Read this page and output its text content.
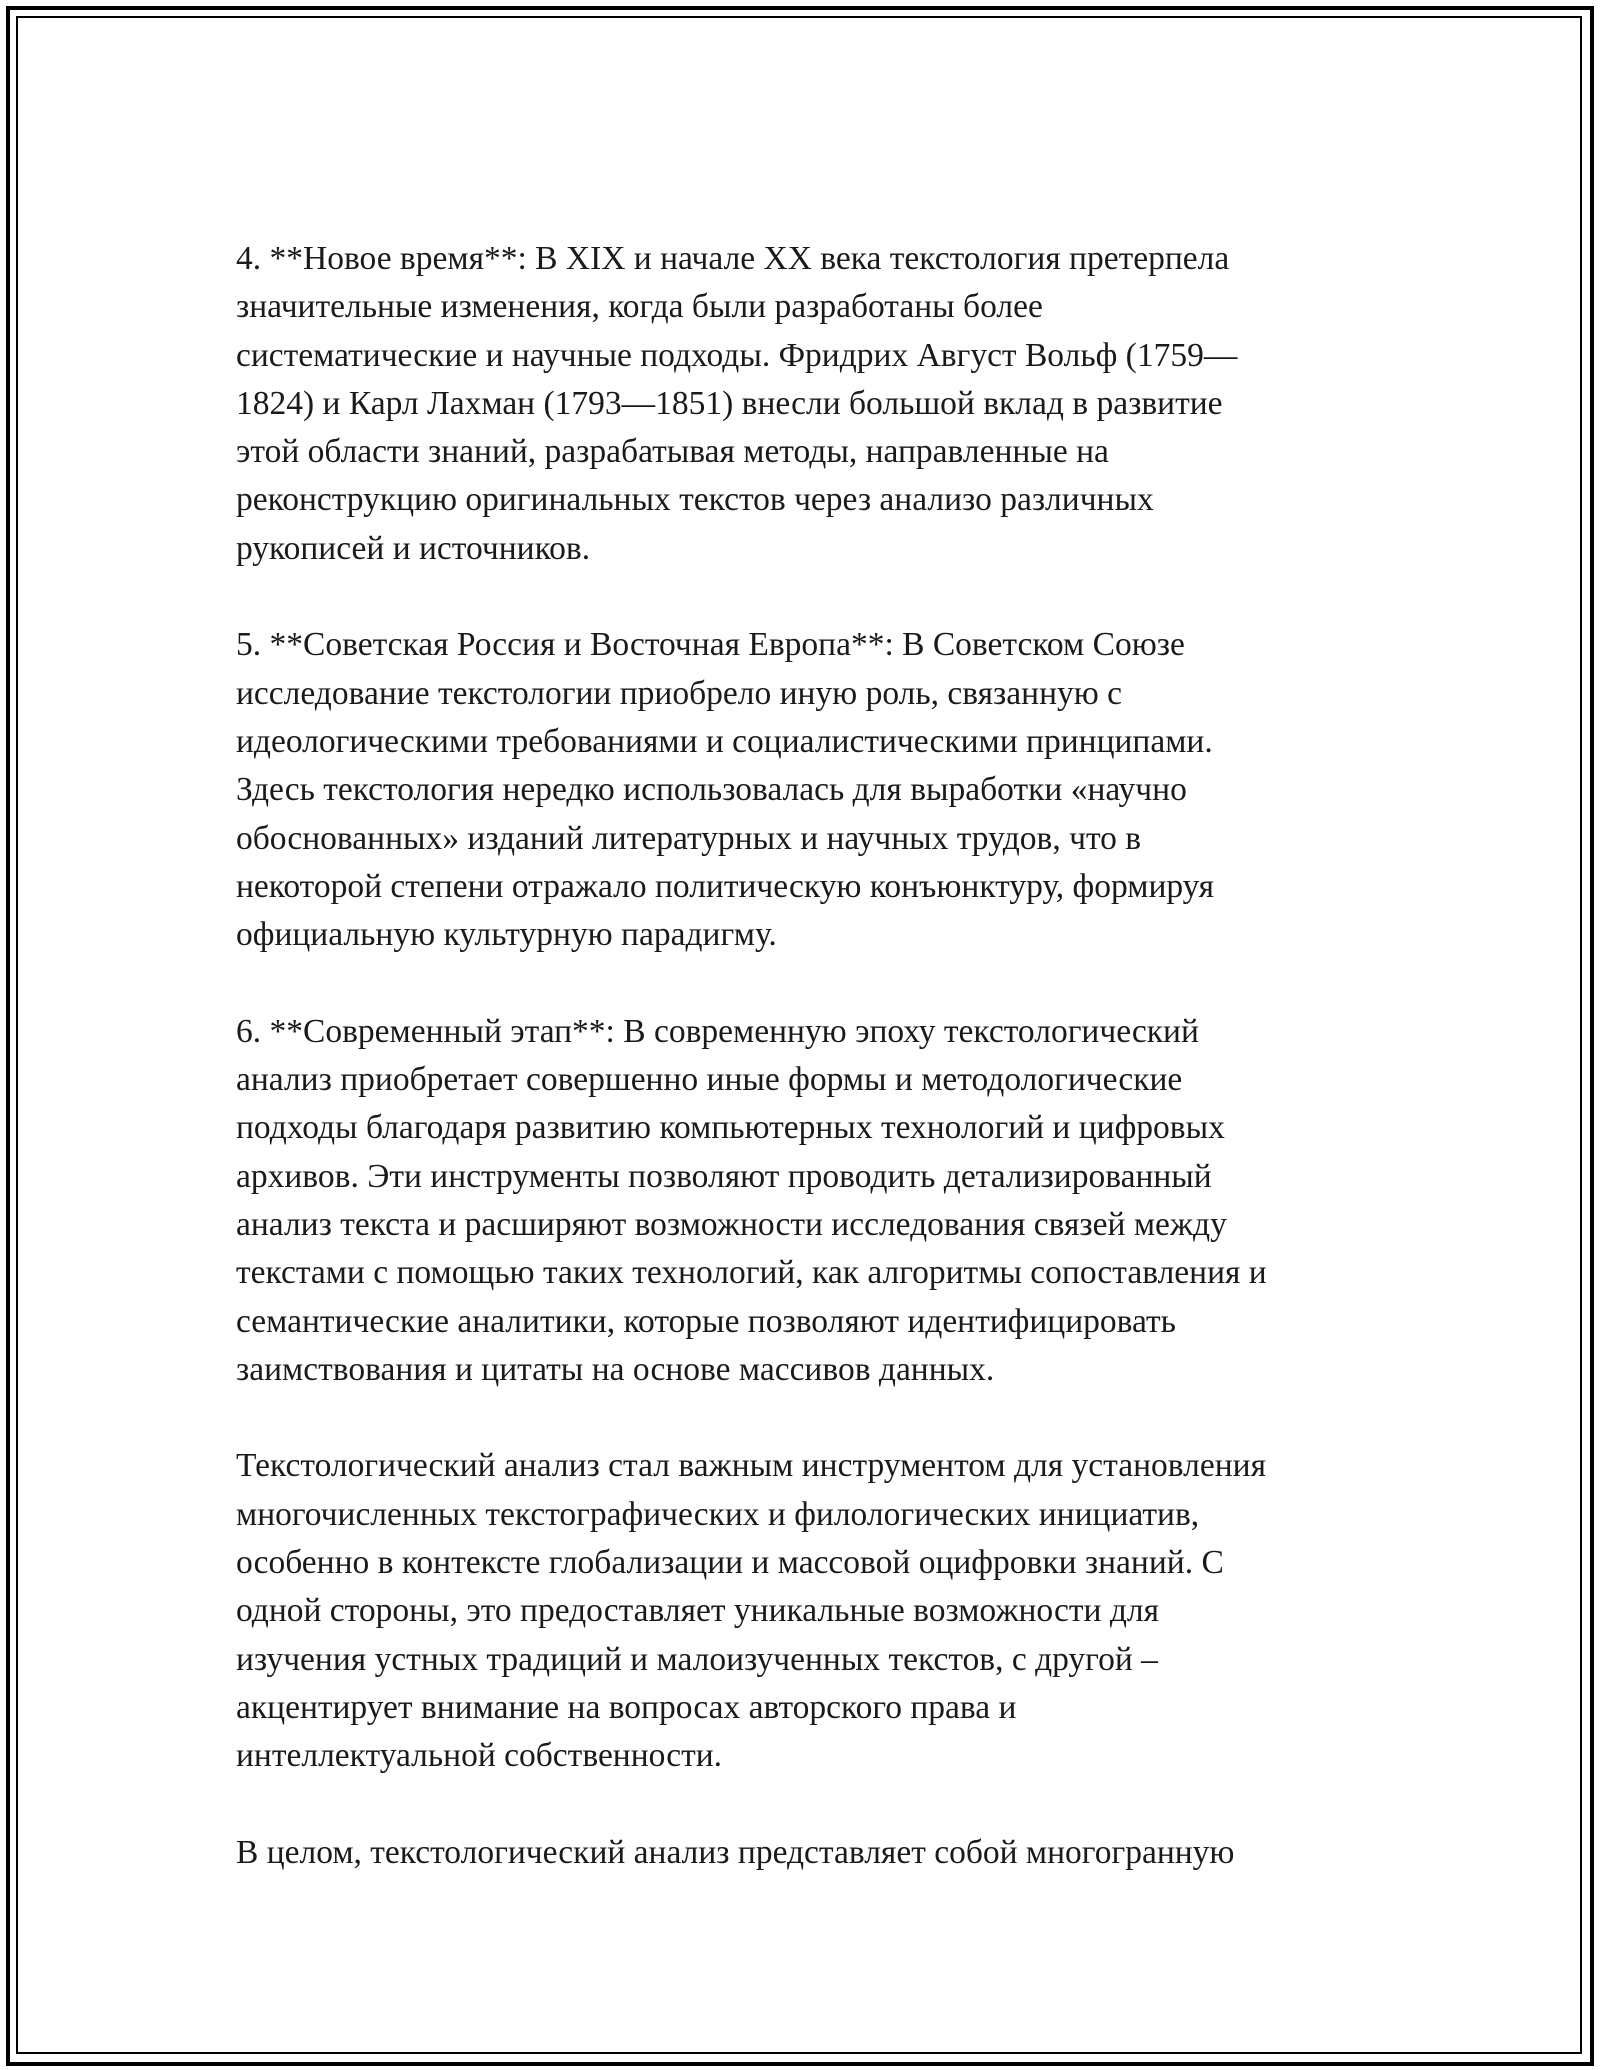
4. **Новое время**: В XIX и начале XX века текстология претерпела
значительные изменения, когда были разработаны более
систематические и научные подходы. Фридрих Август Вольф (1759—
1824) и Карл Лахман (1793—1851) внесли большой вклад в развитие
этой области знаний, разрабатывая методы, направленные на
реконструкцию оригинальных текстов через анализо различных
рукописей и источников.

5. **Советская Россия и Восточная Европа**: В Советском Союзе
исследование текстологии приобрело иную роль, связанную с
идеологическими требованиями и социалистическими принципами.
Здесь текстология нередко использовалась для выработки «научно
обоснованных» изданий литературных и научных трудов, что в
некоторой степени отражало политическую конъюнктуру, формируя
официальную культурную парадигму.

6. **Современный этап**: В современную эпоху текстологический
анализ приобретает совершенно иные формы и методологические
подходы благодаря развитию компьютерных технологий и цифровых
архивов. Эти инструменты позволяют проводить детализированный
анализ текста и расширяют возможности исследования связей между
текстами с помощью таких технологий, как алгоритмы сопоставления и
семантические аналитики, которые позволяют идентифицировать
заимствования и цитаты на основе массивов данных.

Текстологический анализ стал важным инструментом для установления
многочисленных текстографических и филологических инициатив,
особенно в контексте глобализации и массовой оцифровки знаний. С
одной стороны, это предоставляет уникальные возможности для
изучения устных традиций и малоизученных текстов, с другой –
акцентирует внимание на вопросах авторского права и
интеллектуальной собственности.

В целом, текстологический анализ представляет собой многогранную
